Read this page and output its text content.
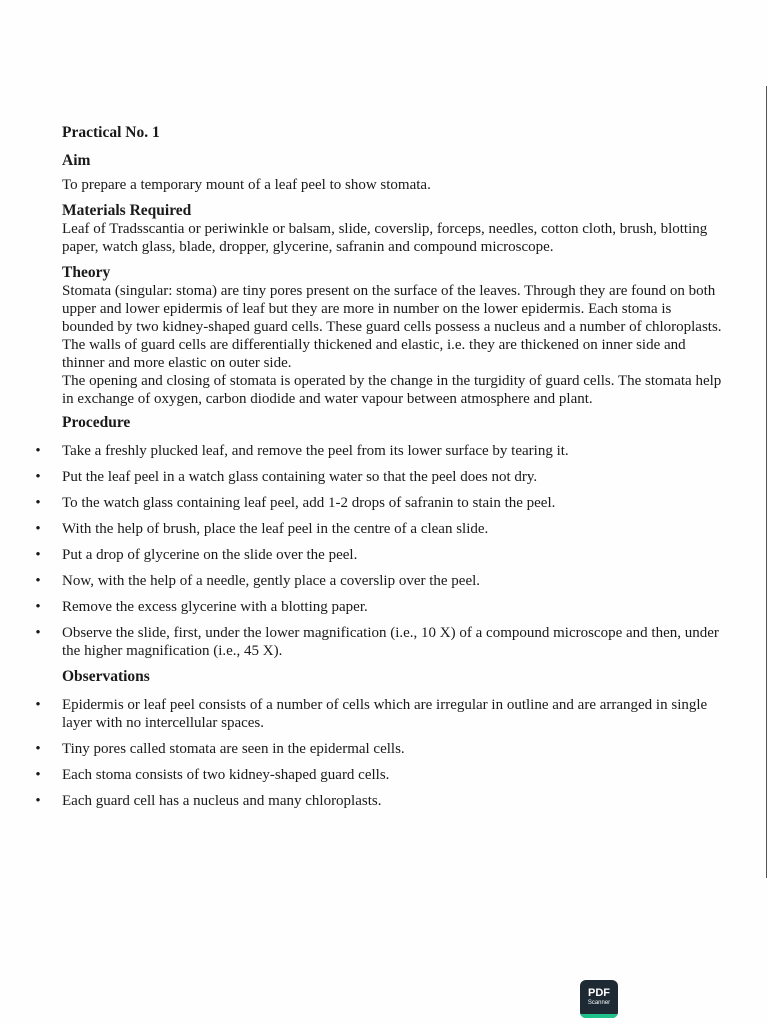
Practical No. 1
Aim

To prepare a temporary mount of a leaf peel to show stomata.

Materials Required

Leaf of Tradsscantia or periwinkle or balsam, slide, coverslip, forceps, needles, cotton cloth, brush, blotting paper, watch glass, blade, dropper, glycerine, safranin and compound microscope.

Theory

Stomata (singular: stoma) are tiny pores present on the surface of the leaves. Through they are found on both upper and lower epidermis of leaf but they are more in number on the lower epidermis. Each stoma is bounded by two kidney-shaped guard cells. These guard cells possess a nucleus and a number of chloroplasts. The walls of guard cells are differentially thickened and elastic, i.e. they are thickened on inner side and thinner and more elastic on outer side.

The opening and closing of stomata is operated by the change in the turgidity of guard cells. The stomata help in exchange of oxygen, carbon diodide and water vapour between atmosphere and plant.

Procedure
• Take a freshly plucked leaf, and remove the peel from its lower surface by tearing it.
• Put the leaf peel in a watch glass containing water so that the peel does not dry.
• To the watch glass containing leaf peel, add 1-2 drops of safranin to stain the peel.
• With the help of brush, place the leaf peel in the centre of a clean slide.
• Put a drop of glycerine on the slide over the peel.
• Now, with the help of a needle, gently place a coverslip over the peel.
• Remove the excess glycerine with a blotting paper.
• Observe the slide, first, under the lower magnification (i.e., 10 X) of a compound microscope and then, under the higher magnification (i.e., 45 X).
Observations
• Epidermis or leaf peel consists of a number of cells which are irregular in outline and are arranged in single layer with no intercellular spaces.
• Tiny pores called stomata are seen in the epidermal cells.
• Each stoma consists of two kidney-shaped guard cells.
• Each guard cell has a nucleus and many chloroplasts.
PDF
Scanner
